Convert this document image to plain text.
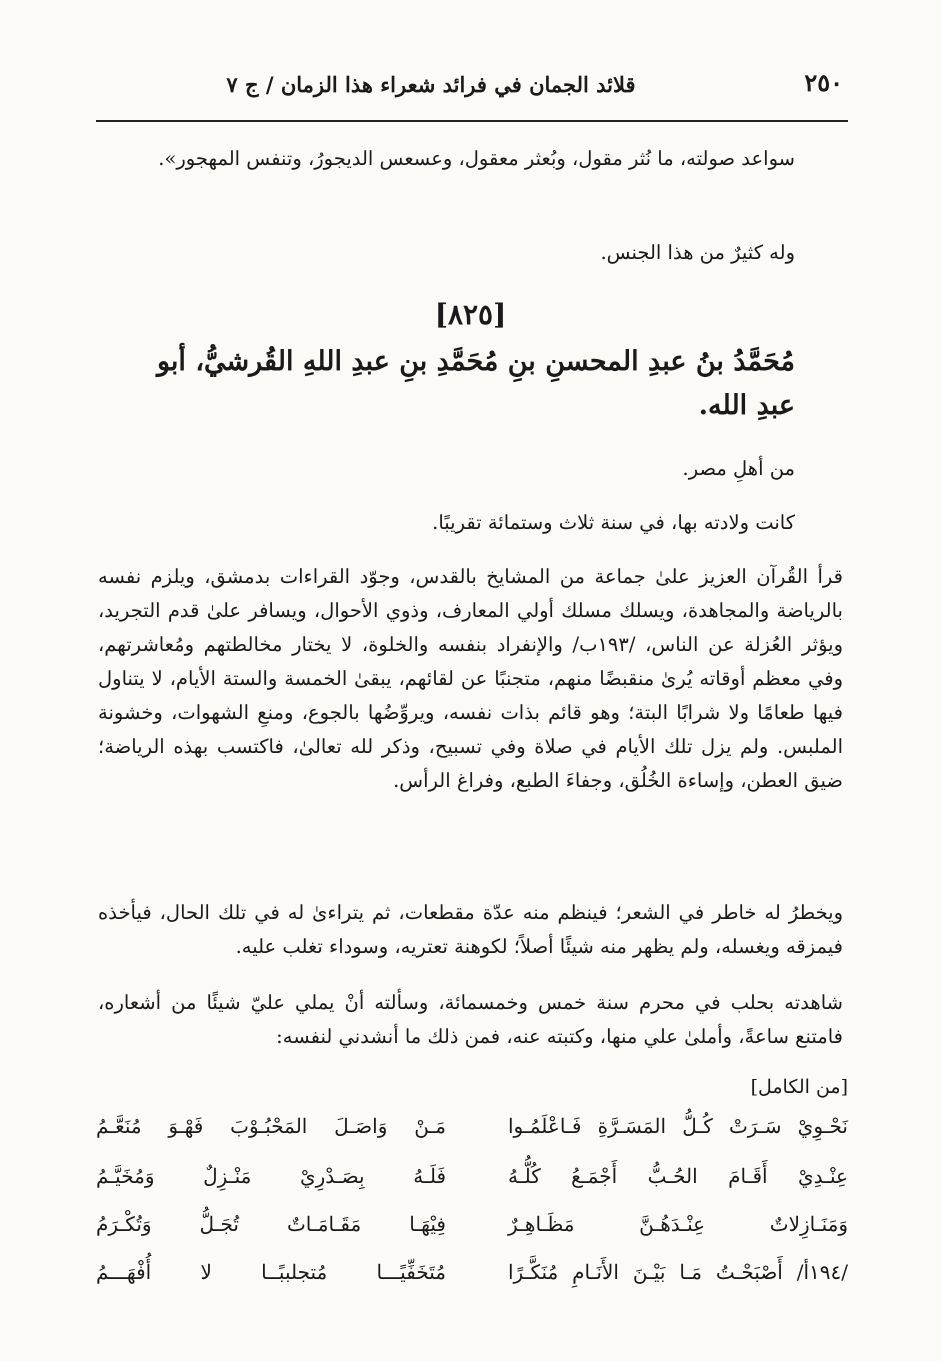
٢٥٠
قلائد الجمان في فرائد شعراء هذا الزمان / ج ٧
سواعد صولته، ما نُثر مقول، وبُعثر معقول، وعسعس الديجورُ، وتنفس المهجور».
وله كثيرٌ من هذا الجنس.
[٨٢٥]
مُحَمَّدُ بنُ عبدِ المحسنِ بنِ مُحَمَّدِ بنِ عبدِ اللهِ القُرشيُّ، أبو عبدِ الله.
من أهلِ مصر.
كانت ولادته بها، في سنة ثلاث وستمائة تقريبًا.
قرأ القُرآن العزيز علىٰ جماعة من المشايخ بالقدس، وجوّد القراءات بدمشق، ويلزم نفسه بالرياضة والمجاهدة، ويسلك مسلك أولي المعارف، وذوي الأحوال، ويسافر علىٰ قدم التجريد، ويؤثر العُزلة عن الناس، /١٩٣ب/ والإنفراد بنفسه والخلوة، لا يختار مخالطتهم ومُعاشرتهم، وفي معظم أوقاته يُرىٰ منقبضًا منهم، متجنبًا عن لقائهم، يبقىٰ الخمسة والستة الأيام، لا يتناول فيها طعامًا ولا شرابًا البتة؛ وهو قائم بذات نفسه، ويروِّضُها بالجوع، ومنعِ الشهوات، وخشونة الملبس. ولم يزل تلك الأيام في صلاة وفي تسبيح، وذكر لله تعالىٰ، فاكتسب بهذه الرياضة؛ ضيق العطن، وإساءة الخُلُق، وجفاءَ الطبع، وفراغ الرأس.
ويخطرُ له خاطر في الشعر؛ فينظم منه عدّة مقطعات، ثم يتراءىٰ له في تلك الحال، فيأخذه فيمزقه ويغسله، ولم يظهر منه شيئًا أصلاً؛ لكوهنة تعتريه، وسوداء تغلب عليه.
شاهدته بحلب في محرم سنة خمس وخمسمائة، وسألته أنْ يملي عليّ شيئًا من أشعاره، فامتنع ساعةً، وأملىٰ علي منها، وكتبته عنه، فمن ذلك ما أنشدني لنفسه:
[من الكامل]
نَحْـوِيْ سَـرَتْ كُـلُّ المَسَـرَّةِ فَـاعْلَمُـوا
مَـنْ وَاصَـلَ المَحْبُـوْبَ فَهْـوَ مُنَعَّـمُ
عِنْـدِيْ أَقَـامَ الحُـبُّ أَجْمَـعُ كُلُّـهُ
فَلَـهُ بِصَـدْرِيْ مَنْـزِلٌ وَمُخَيَّـمُ
وَمَنَـازِلاتٌ عِنْـدَهُـنَّ مَظَـاهِـرٌ
فِيْهَـا مَقَـامَـاتٌ تُجَـلُّ وَتُكْـرَمُ
/١٩٤أ/ أَصْبَحْـتُ مَـا بَيْـنَ الأَنَـامِ مُنَكَّـرًا
مُتَخَفِّيًـــا مُتجلببًــا لا أُفْهَـــمُ
